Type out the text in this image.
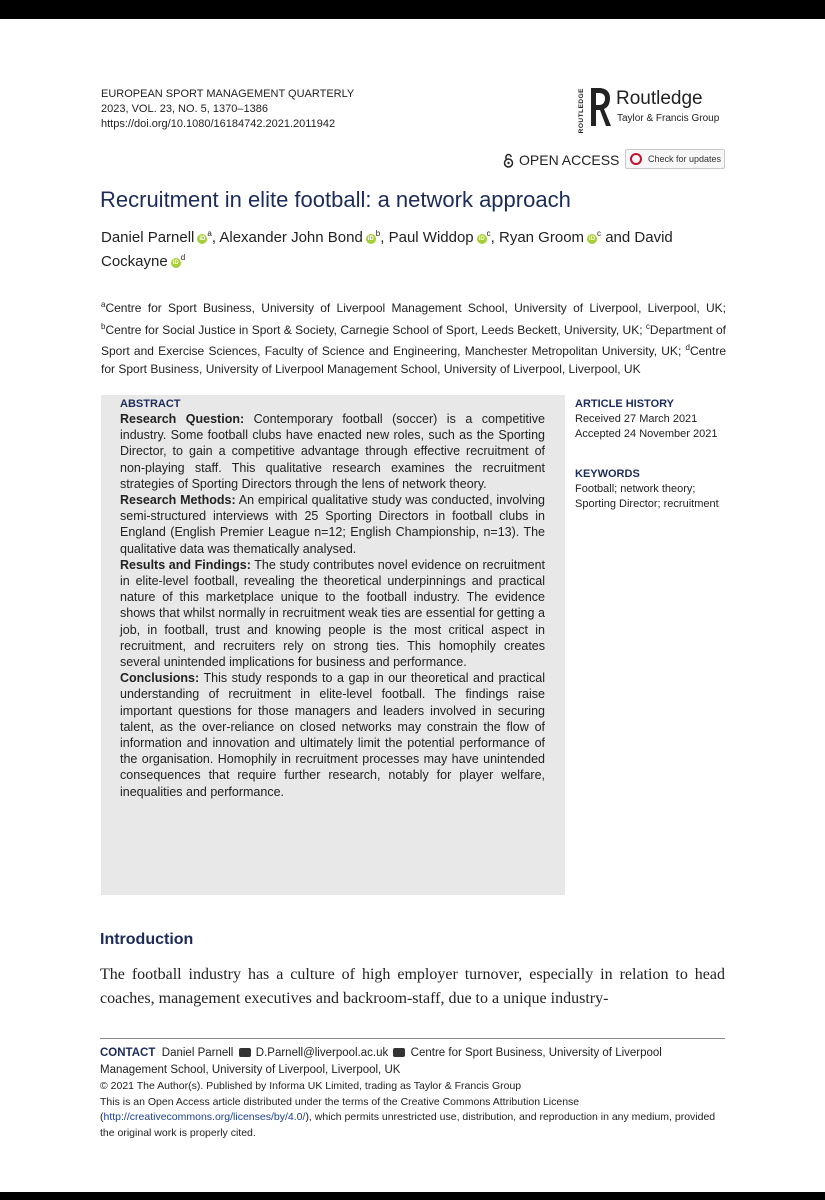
EUROPEAN SPORT MANAGEMENT QUARTERLY
2023, VOL. 23, NO. 5, 1370–1386
https://doi.org/10.1080/16184742.2021.2011942	ROUTLEDGE Routledge
Taylor & Francis Group
OPEN ACCESS	Check for updates
Recruitment in elite football: a network approach
Daniel Parnell $iD^a$, Alexander John Bond $iD^b$, Paul Widdop $iD^c$, Ryan Groom $iD^c$ and David Cockayne $iD^d$
$^a$Centre for Sport Business, University of Liverpool Management School, University of Liverpool, Liverpool, UK; $^b$Centre for Social Justice in Sport & Society, Carnegie School of Sport, Leeds Beckett, University, UK; $^c$Department of Sport and Exercise Sciences, Faculty of Science and Engineering, Manchester Metropolitan University, UK; $^d$Centre for Sport Business, University of Liverpool Management School, University of Liverpool, Liverpool, UK
ABSTRACT

Research Question: Contemporary football (soccer) is a competitive industry. Some football clubs have enacted new roles, such as the Sporting Director, to gain a competitive advantage through effective recruitment of non-playing staff. This qualitative research examines the recruitment strategies of Sporting Directors through the lens of network theory.

Research Methods: An empirical qualitative study was conducted, involving semi-structured interviews with 25 Sporting Directors in football clubs in England (English Premier League n=12; English Championship, n=13). The qualitative data was thematically analysed.

Results and Findings: The study contributes novel evidence on recruitment in elite-level football, revealing the theoretical underpinnings and practical nature of this marketplace unique to the football industry. The evidence shows that whilst normally in recruitment weak ties are essential for getting a job, in football, trust and knowing people is the most critical aspect in recruitment, and recruiters rely on strong ties. This homophily creates several unintended implications for business and performance.

Conclusions: This study responds to a gap in our theoretical and practical understanding of recruitment in elite-level football. The findings raise important questions for those managers and leaders involved in securing talent, as the over-reliance on closed networks may constrain the flow of information and innovation and ultimately limit the potential performance of the organisation. Homophily in recruitment processes may have unintended consequences that require further research, notably for player welfare, inequalities and performance.

ARTICLE HISTORY
Received 27 March 2021
Accepted 24 November 2021
KEYWORDS
Football; network theory; Sporting Director; recruitment
Introduction

The football industry has a culture of high employer turnover, especially in relation to head coaches, management executives and backroom-staff, due to a unique industry-

CONTACT Daniel Parnell D.Parnell@liverpool.ac.uk Centre for Sport Business, University of Liverpool Management School, University of Liverpool, Liverpool, UK
© 2021 The Author(s). Published by Informa UK Limited, trading as Taylor & Francis Group
This is an Open Access article distributed under the terms of the Creative Commons Attribution License (http://creativecommons.org/licenses/by/4.0/), which permits unrestricted use, distribution, and reproduction in any medium, provided the original work is properly cited.
